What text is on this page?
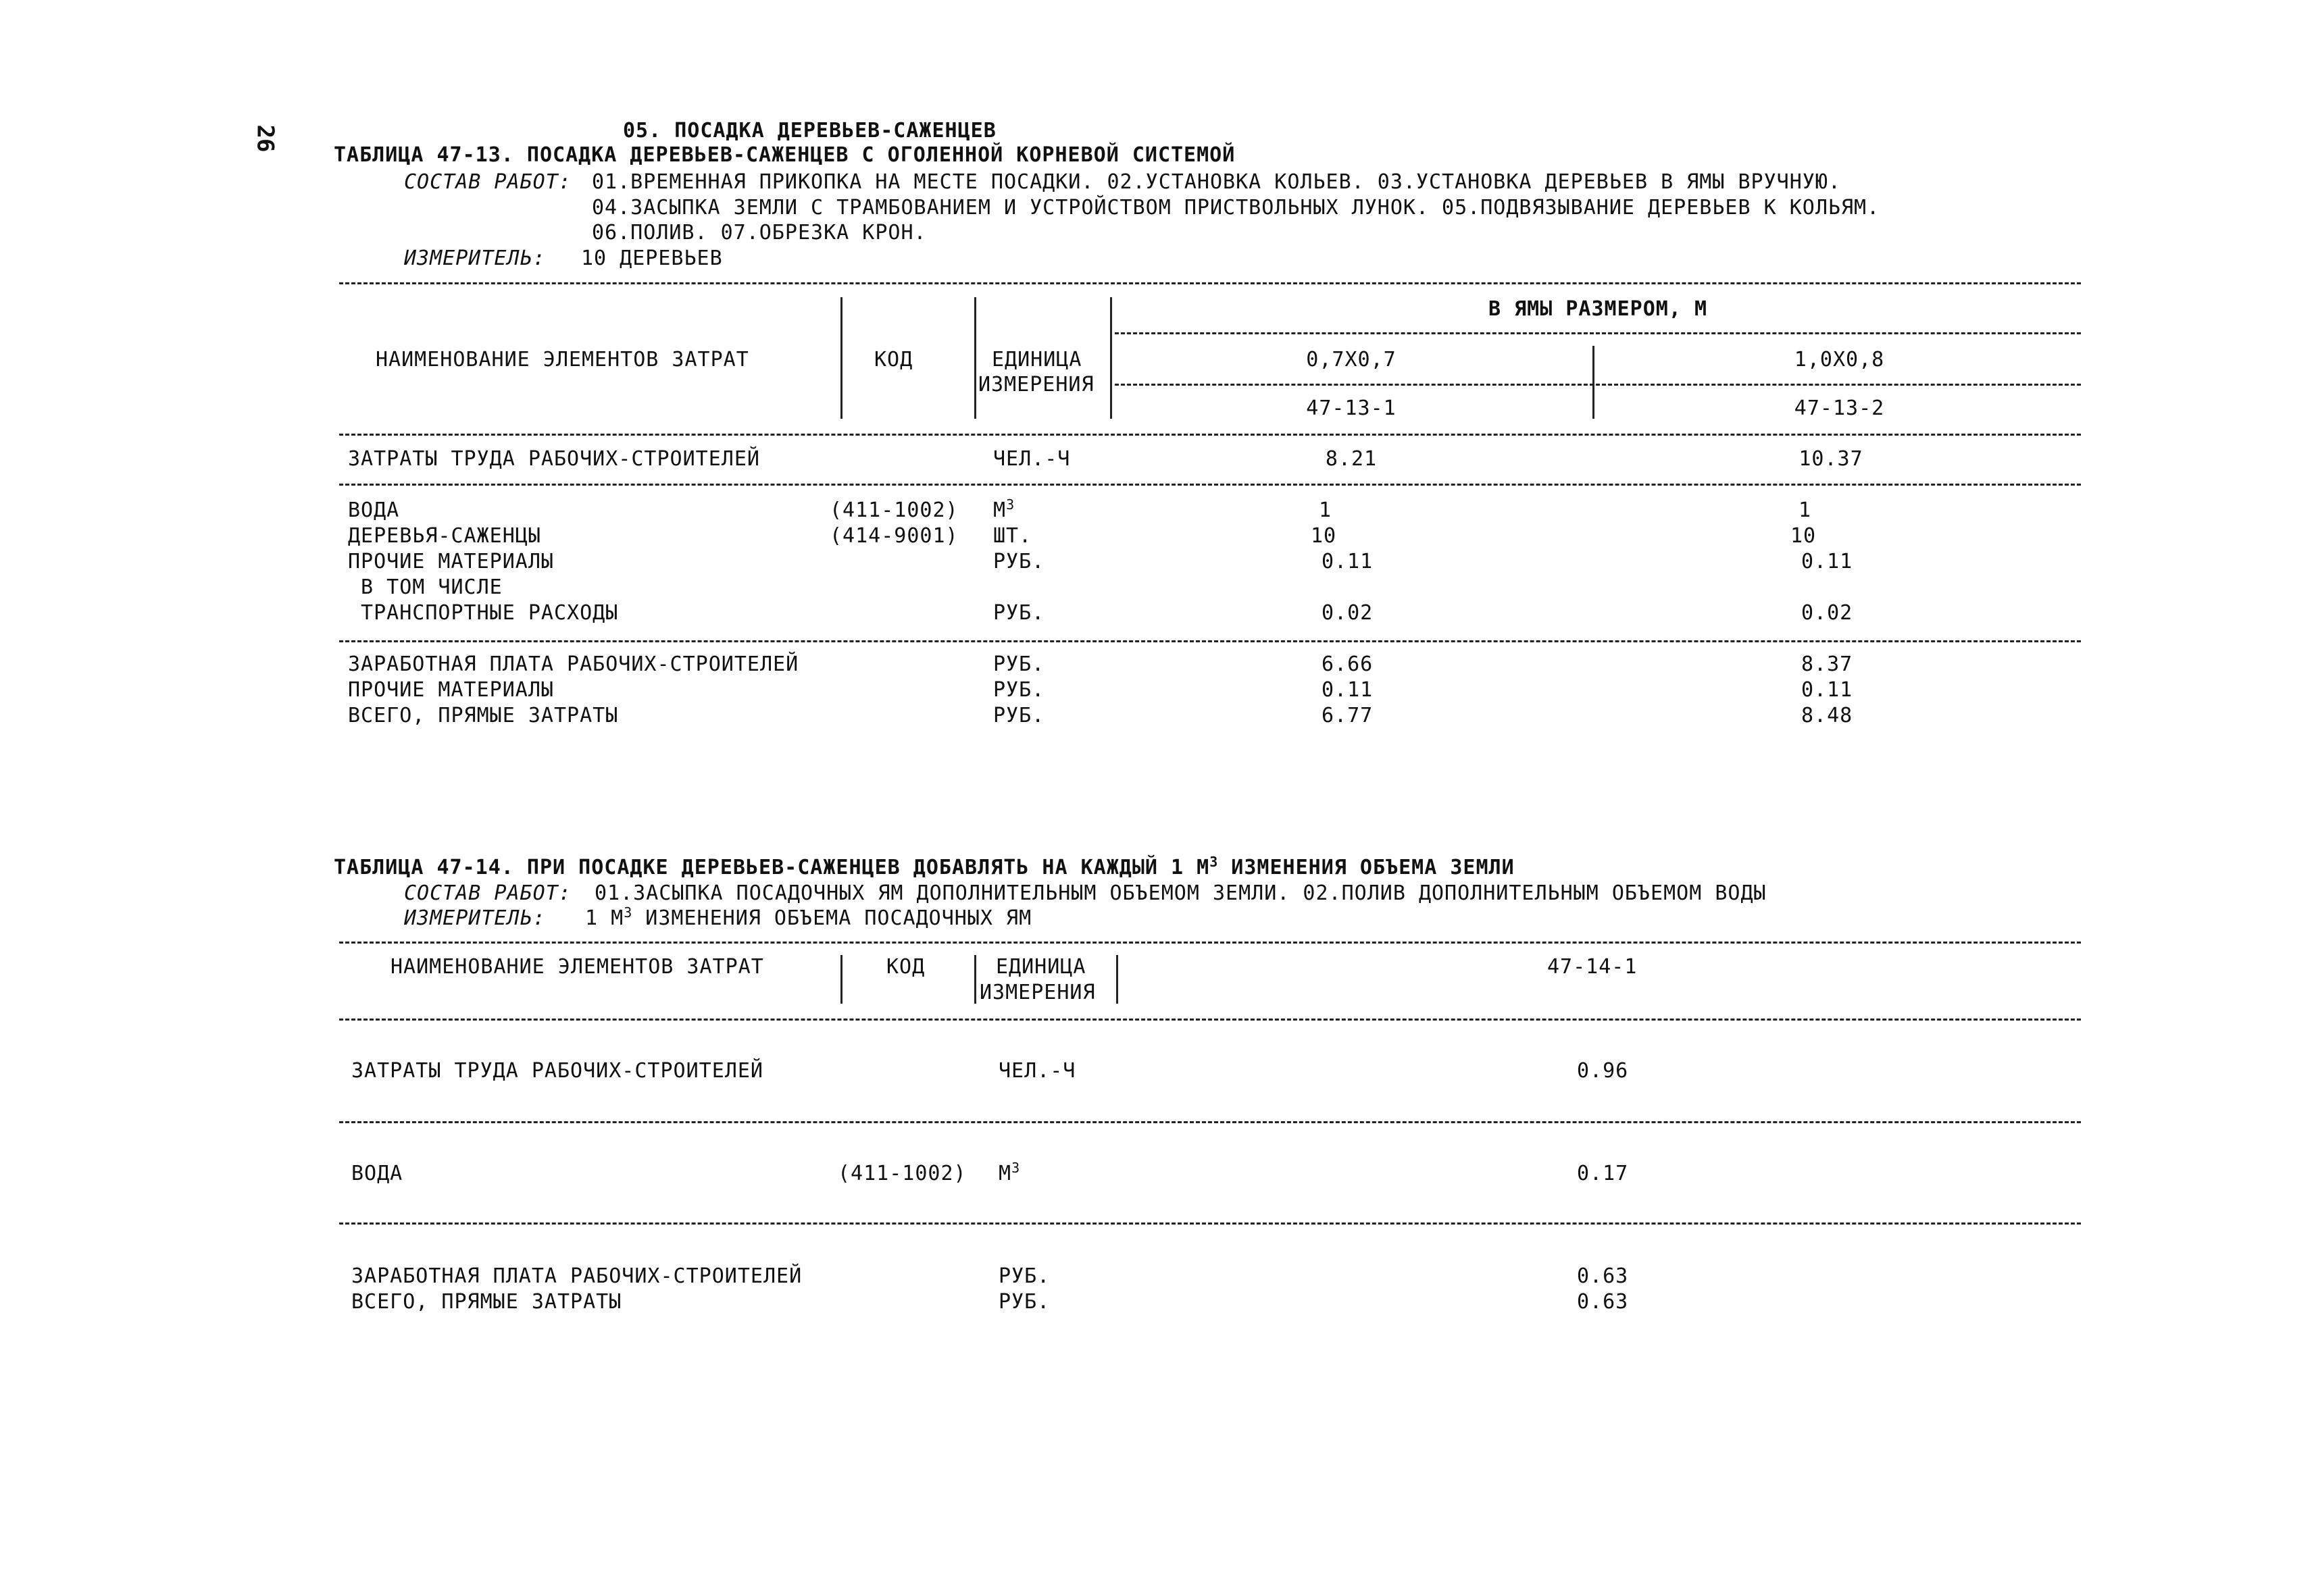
26	05. ПОСАДКА ДЕРЕВЬЕВ-САЖЕНЦЕВ
ТАБЛИЦА 47-13. ПОСАДКА ДЕРЕВЬЕВ-САЖЕНЦЕВ С ОГОЛЕННОЙ КОРНЕВОЙ СИСТЕМОЙ
СОСТАВ РАБОТ: 01.ВРЕМЕННАЯ ПРИКОПКА НА МЕСТЕ ПОСАДКИ. 02.УСТАНОВКА КОЛЬЕВ. 03.УСТАНОВКА ДЕРЕВЬЕВ В ЯМЫ ВРУЧНУЮ.
04.ЗАСЫПКА ЗЕМЛИ С ТРАМБОВАНИЕМ И УСТРОЙСТВОМ ПРИСТВОЛЬНЫХ ЛУНОК. 05.ПОДВЯЗЫВАНИЕ ДЕРЕВЬЕВ К КОЛЬЯМ.
06.ПОЛИВ. 07.ОБРЕЗКА КРОН.
ИЗМЕРИТЕЛЬ: 10 ДЕРЕВЬЕВ
В ЯМЫ РАЗМЕРОМ, М
НАИМЕНОВАНИЕ ЭЛЕМЕНТОВ ЗАТРАТ	КОД	ЕДИНИЦА
ИЗМЕРЕНИЯ
0,7X0,7	1,0X0,8
47-13-1	47-13-2
ЗАТРАТЫ ТРУДА РАБОЧИХ-СТРОИТЕЛЕЙ	ЧЕЛ.-Ч	8.21	10.37
ВОДА	(411-1002) $М^3$	1	1
ДЕРЕВЬЯ-САЖЕНЦЫ	(414-9001) ШТ.	10	10
ПРОЧИЕ МАТЕРИАЛЫ	РУБ.	0.11	0.11
В ТОМ ЧИСЛЕ
ТРАНСПОРТНЫЕ РАСХОДЫ	РУБ.	0.02	0.02
ЗАРАБОТНАЯ ПЛАТА РАБОЧИХ-СТРОИТЕЛЕЙ	РУБ.	6.66	8.37
ПРОЧИЕ МАТЕРИАЛЫ	РУБ.	0.11	0.11
ВСЕГО, ПРЯМЫЕ ЗАТРАТЫ	РУБ.	6.77	8.48
ТАБЛИЦА 47-14. ПРИ ПОСАДКЕ ДЕРЕВЬЕВ-САЖЕНЦЕВ ДОБАВЛЯТЬ НА КАЖДЫЙ 1 $М^3$ ИЗМЕНЕНИЯ ОБЪЕМА ЗЕМЛИ
СОСТАВ РАБОТ: 01.ЗАСЫПКА ПОСАДОЧНЫХ ЯМ ДОПОЛНИТЕЛЬНЫМ ОБЪЕМОМ ЗЕМЛИ. 02.ПОЛИВ ДОПОЛНИТЕЛЬНЫМ ОБЪЕМОМ ВОДЫ
ИЗМЕРИТЕЛЬ: 1 $М^3$ ИЗМЕНЕНИЯ ОБЪЕМА ПОСАДОЧНЫХ ЯМ
НАИМЕНОВАНИЕ ЭЛЕМЕНТОВ ЗАТРАТ	КОД	ЕДИНИЦА
ИЗМЕРЕНИЯ
47-14-1
ЗАТРАТЫ ТРУДА РАБОЧИХ-СТРОИТЕЛЕЙ	ЧЕЛ.-Ч	0.96
ВОДА	(411-1002) $М^3$	0.17
ЗАРАБОТНАЯ ПЛАТА РАБОЧИХ-СТРОИТЕЛЕЙ	РУБ.	0.63
ВСЕГО, ПРЯМЫЕ ЗАТРАТЫ	РУБ.	0.63
